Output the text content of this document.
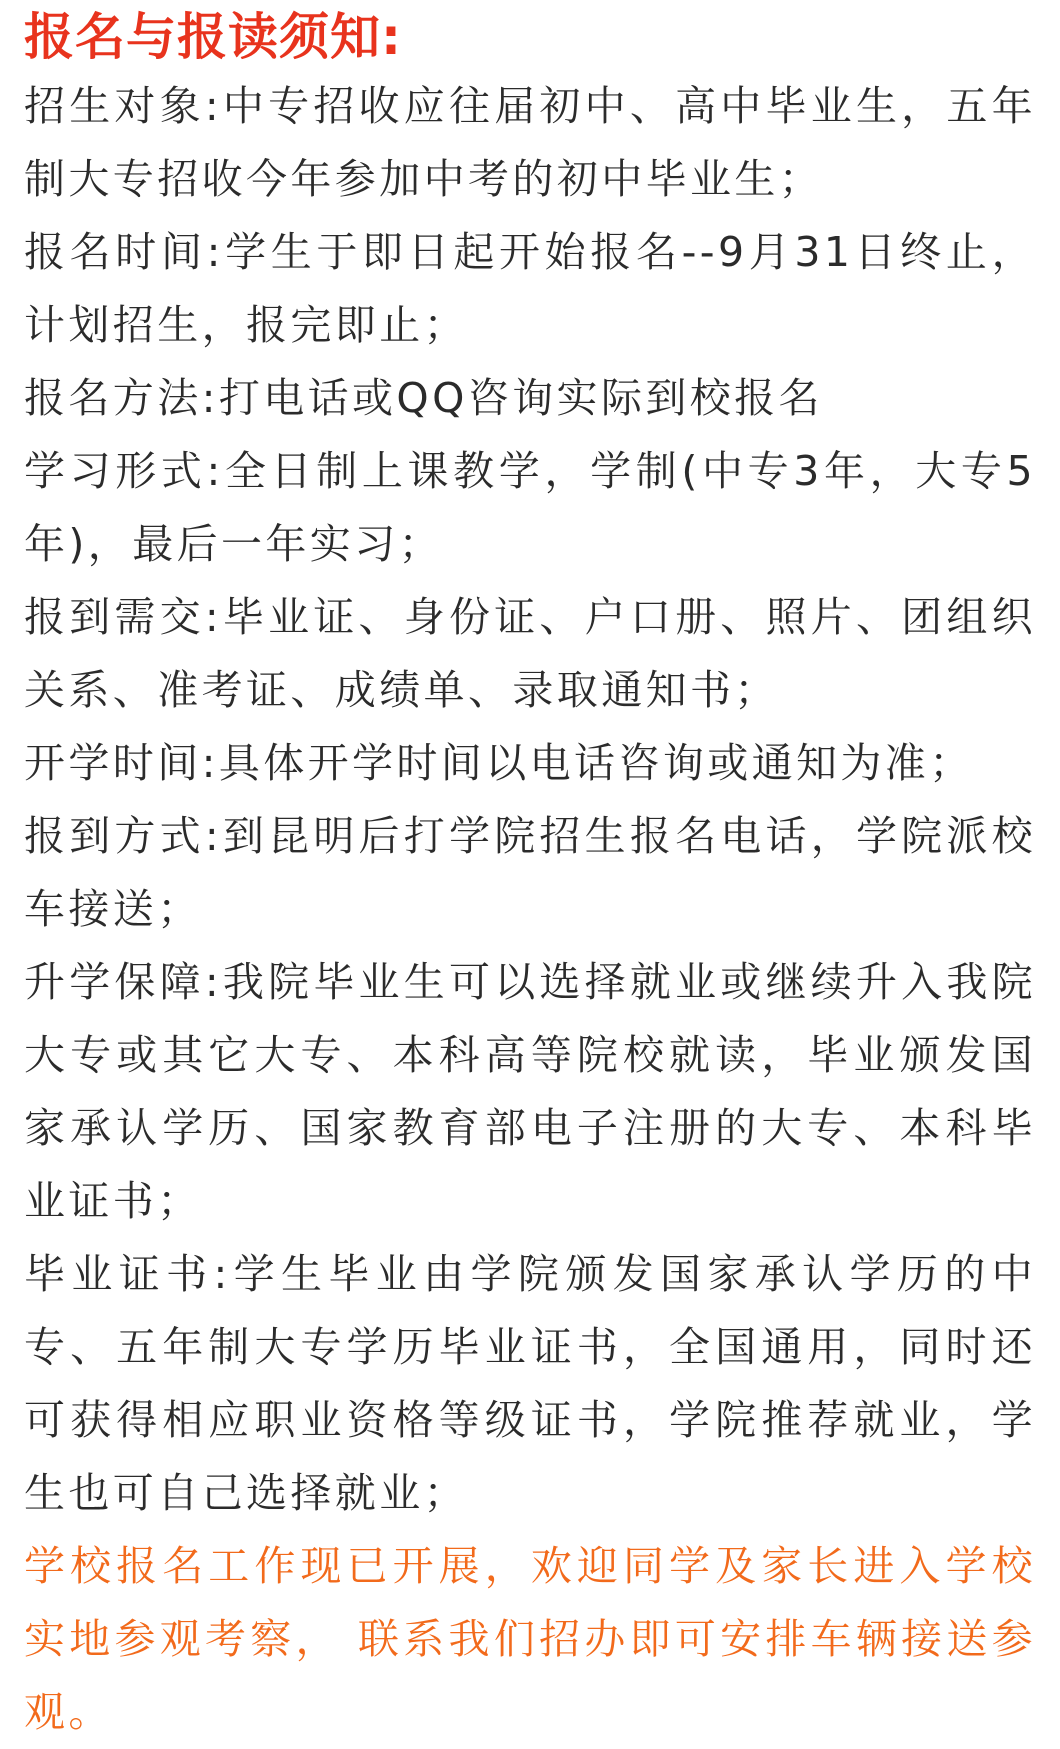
报名与报读须知:

招生对象:中专招收应往届初中、高中毕业生，五年制大专招收今年参加中考的初中毕业生；

报名时间:学生于即日起开始报名--9月31日终止，计划招生，报完即止；

报名方法:打电话或QQ咨询实际到校报名

学习形式:全日制上课教学，学制(中专3年，大专5年)，最后一年实习；

报到需交:毕业证、身份证、户口册、照片、团组织关系、准考证、成绩单、录取通知书；

开学时间:具体开学时间以电话咨询或通知为准；

报到方式:到昆明后打学院招生报名电话，学院派校车接送；

升学保障:我院毕业生可以选择就业或继续升入我院大专或其它大专、本科高等院校就读，毕业颁发国家承认学历、国家教育部电子注册的大专、本科毕业证书；

毕业证书:学生毕业由学院颁发国家承认学历的中专、五年制大专学历毕业证书，全国通用，同时还可获得相应职业资格等级证书，学院推荐就业，学生也可自己选择就业；

学校报名工作现已开展，欢迎同学及家长进入学校实地参观考察， 联系我们招办即可安排车辆接送参观。
